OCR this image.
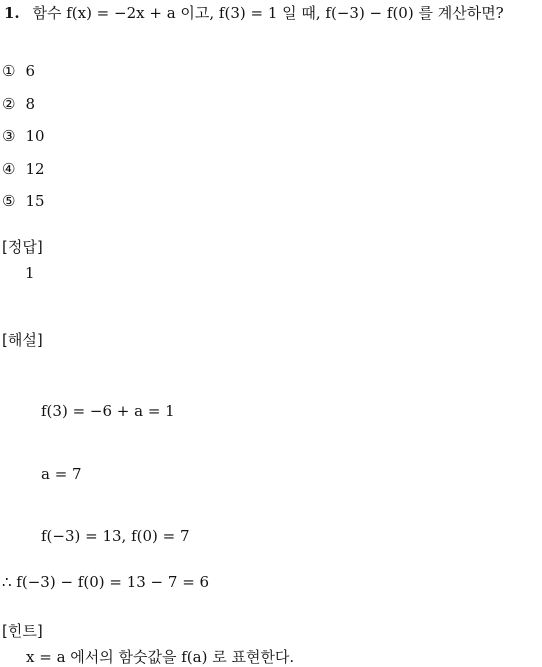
1. 함수 f(x) = −2x + a 이고, f(3) = 1 일 때, f(−3) − f(0) 를 계산하면?
① 6
② 8
③ 10
④ 12
⑤ 15
[정답]
1
[해설]
f(3) = −6 + a = 1
a = 7
f(−3) = 13, f(0) = 7
∴ f(−3) − f(0) = 13 − 7 = 6
[힌트]
x = a 에서의 함숫값을 f(a) 로 표현한다.
